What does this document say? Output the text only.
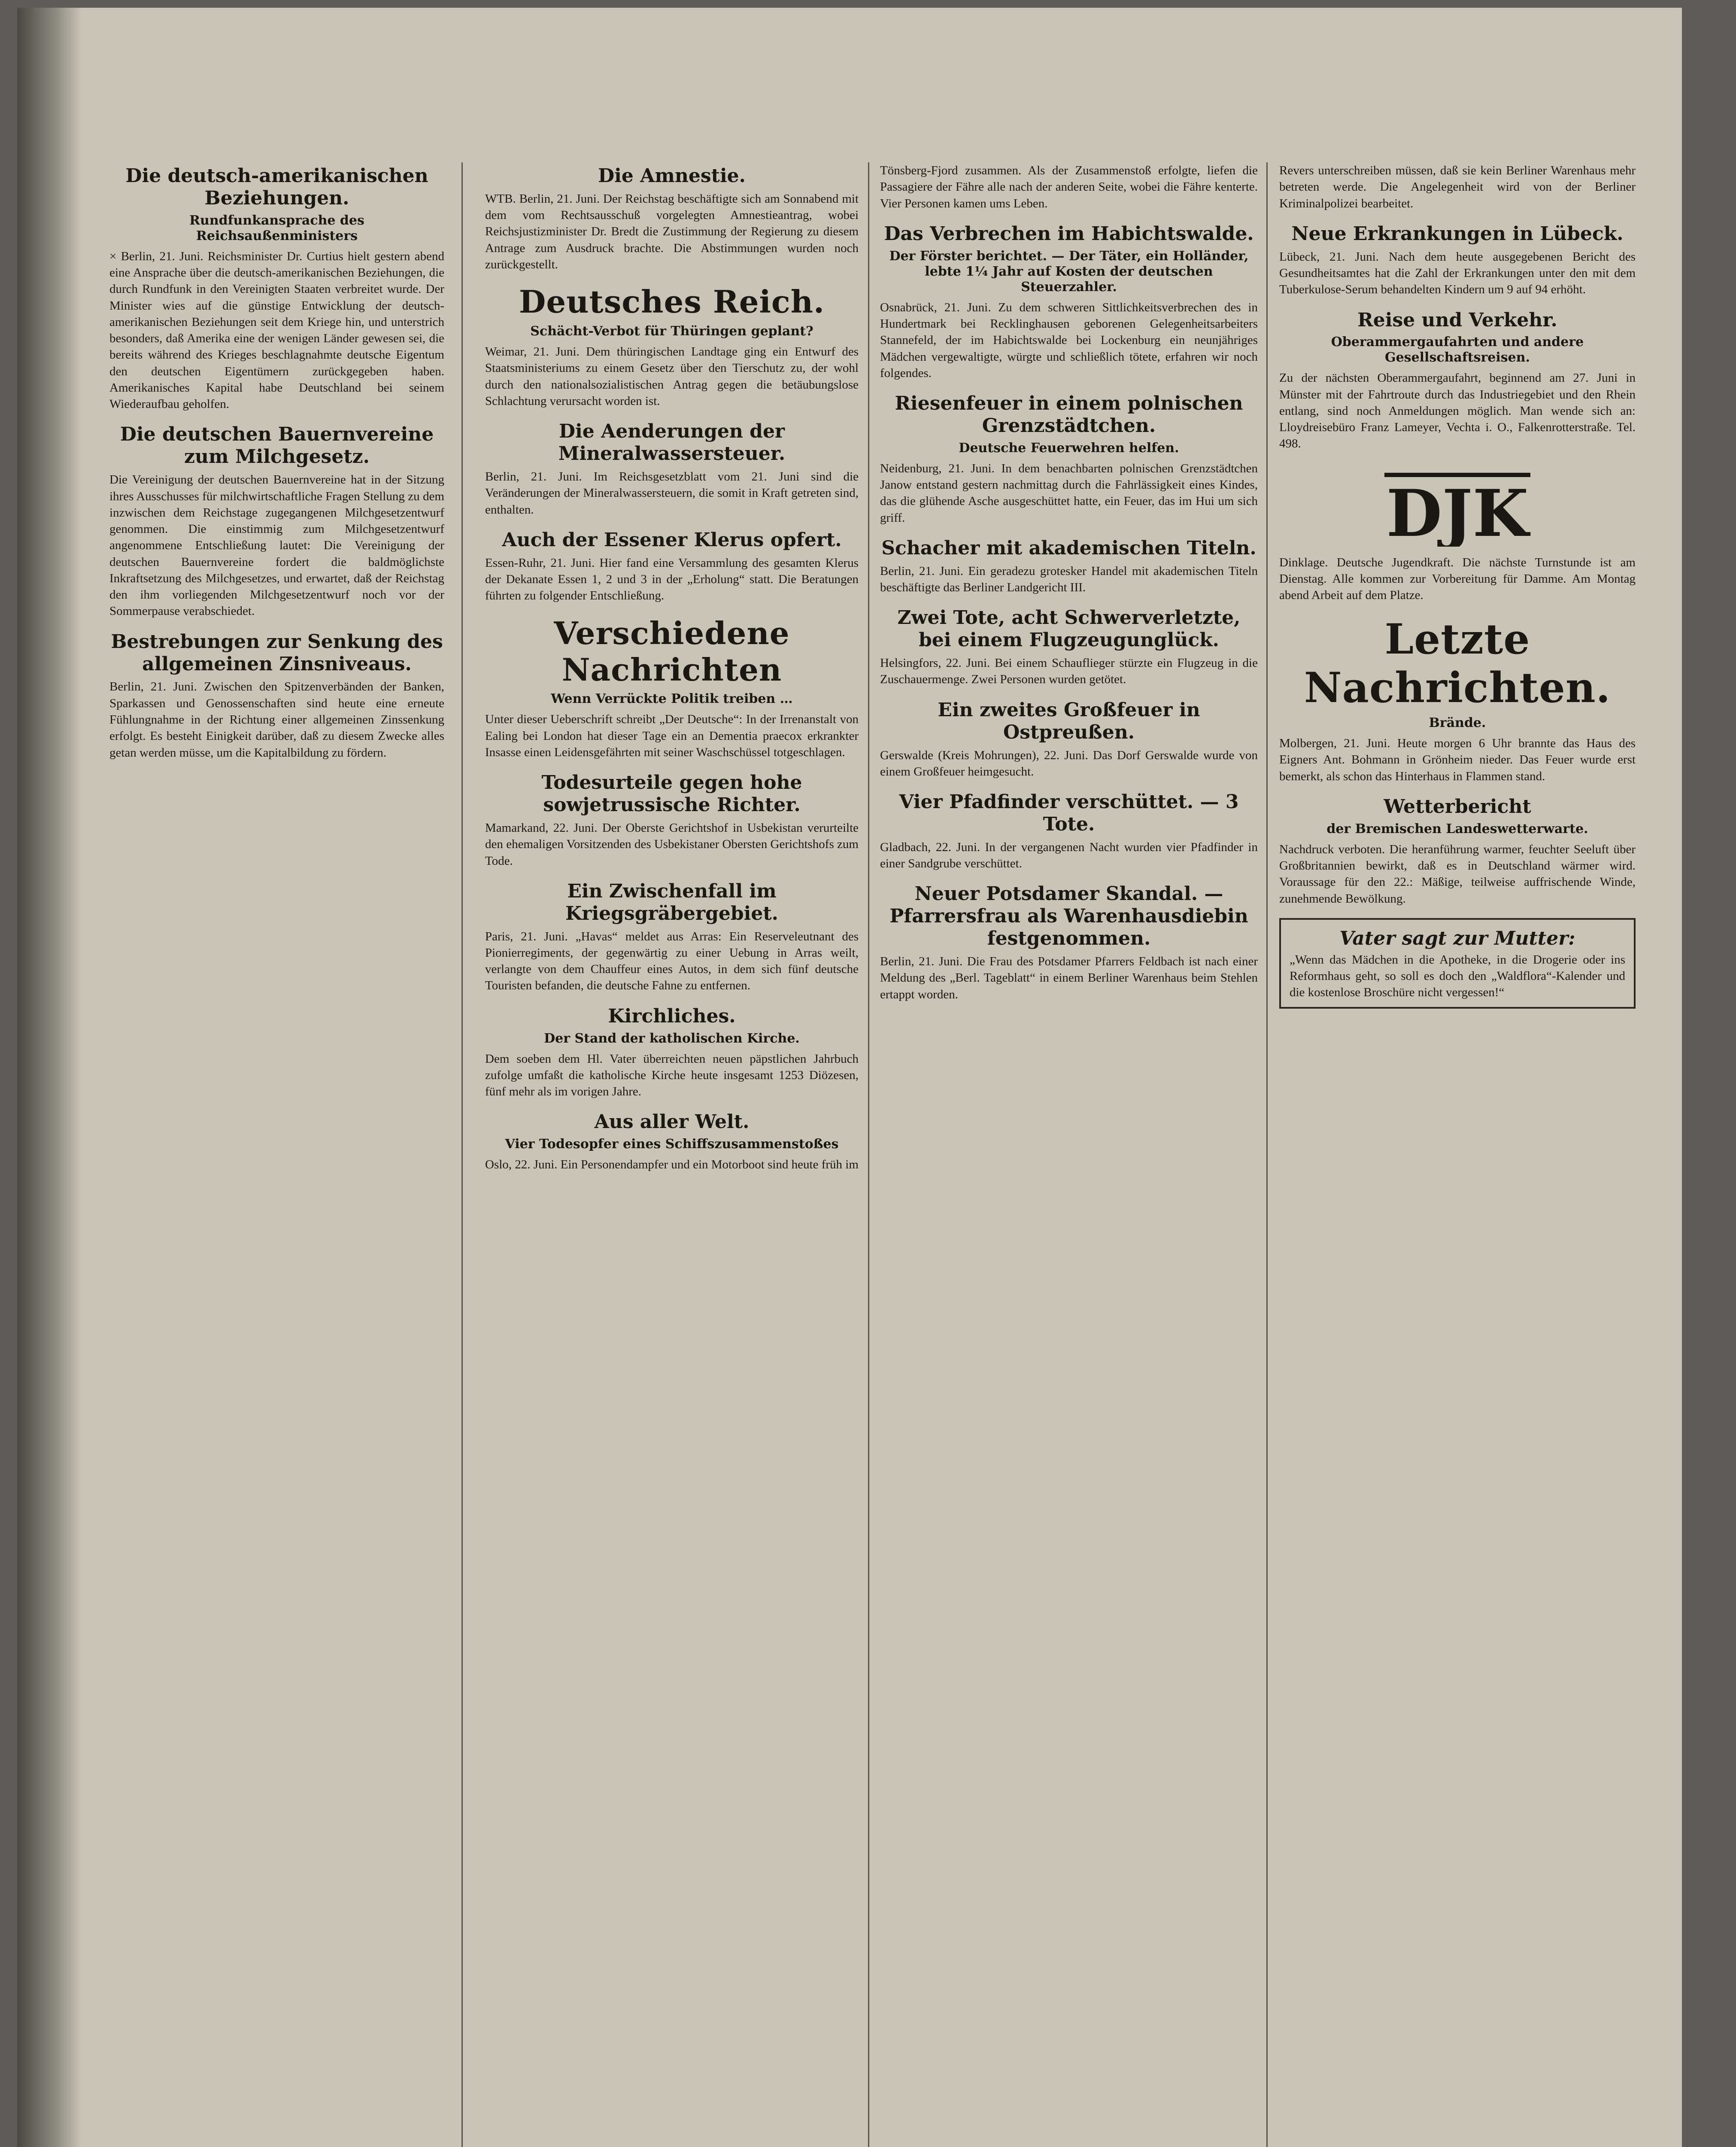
Die deutsch-amerikanischen Beziehungen.
Rundfunkansprache des Reichsaußenministers

× Berlin, 21. Juni. Reichsminister Dr. Curtius hielt gestern abend eine Ansprache über die deutsch-amerikanischen Beziehungen, die durch Rundfunk in den Vereinigten Staaten verbreitet wurde. Der Minister wies auf die günstige Entwicklung der deutsch-amerikanischen Beziehungen seit dem Kriege hin, und unterstrich besonders, daß Amerika eine der wenigen Länder gewesen sei, die bereits während des Krieges beschlagnahmte deutsche Eigentum den deutschen Eigentümern zurückgegeben haben. Amerikanisches Kapital habe Deutschland bei seinem Wiederaufbau geholfen.

Die deutschen Bauernvereine zum Milchgesetz.

Die Vereinigung der deutschen Bauernvereine hat in der Sitzung ihres Ausschusses für milchwirtschaftliche Fragen Stellung zu dem inzwischen dem Reichstage zugegangenen Milchgesetzentwurf genommen. Die einstimmig zum Milchgesetzentwurf angenommene Entschließung lautet: Die Vereinigung der deutschen Bauernvereine fordert die baldmöglichste Inkraftsetzung des Milchgesetzes, und erwartet, daß der Reichstag den ihm vorliegenden Milchgesetzentwurf noch vor der Sommerpause verabschiedet.

Bestrebungen zur Senkung des allgemeinen Zinsniveaus.

Berlin, 21. Juni. Zwischen den Spitzenverbänden der Banken, Sparkassen und Genossenschaften sind heute eine erneute Fühlungnahme in der Richtung einer allgemeinen Zinssenkung erfolgt. Es besteht Einigkeit darüber, daß zu diesem Zwecke alles getan werden müsse, um die Kapitalbildung zu fördern.

Die Amnestie.

WTB. Berlin, 21. Juni. Der Reichstag beschäftigte sich am Sonnabend mit dem vom Rechtsausschuß vorgelegten Amnestieantrag, wobei Reichsjustizminister Dr. Bredt die Zustimmung der Regierung zu diesem Antrage zum Ausdruck brachte. Die Abstimmungen wurden noch zurückgestellt.

Deutsches Reich.
Schächt-Verbot für Thüringen geplant?

Weimar, 21. Juni. Dem thüringischen Landtage ging ein Entwurf des Staatsministeriums zu einem Gesetz über den Tierschutz zu, der wohl durch den nationalsozialistischen Antrag gegen die betäubungslose Schlachtung verursacht worden ist.

Die Aenderungen der Mineralwassersteuer.

Berlin, 21. Juni. Im Reichsgesetzblatt vom 21. Juni sind die Veränderungen der Mineralwassersteuern, die somit in Kraft getreten sind, enthalten.

Auch der Essener Klerus opfert.

Essen-Ruhr, 21. Juni. Hier fand eine Versammlung des gesamten Klerus der Dekanate Essen 1, 2 und 3 in der „Erholung“ statt. Die Beratungen führten zu folgender Entschließung.

Verschiedene Nachrichten
Wenn Verrückte Politik treiben …

Unter dieser Ueberschrift schreibt „Der Deutsche“: In der Irrenanstalt von Ealing bei London hat dieser Tage ein an Dementia praecox erkrankter Insasse einen Leidensgefährten mit seiner Waschschüssel totgeschlagen.

Todesurteile gegen hohe sowjetrussische Richter.

Mamarkand, 22. Juni. Der Oberste Gerichtshof in Usbekistan verurteilte den ehemaligen Vorsitzenden des Usbekistaner Obersten Gerichtshofs zum Tode.

Ein Zwischenfall im Kriegsgräbergebiet.

Paris, 21. Juni. „Havas“ meldet aus Arras: Ein Reserveleutnant des Pionierregiments, der gegenwärtig zu einer Uebung in Arras weilt, verlangte von dem Chauffeur eines Autos, in dem sich fünf deutsche Touristen befanden, die deutsche Fahne zu entfernen.

Kirchliches.
Der Stand der katholischen Kirche.

Dem soeben dem Hl. Vater überreichten neuen päpstlichen Jahrbuch zufolge umfaßt die katholische Kirche heute insgesamt 1253 Diözesen, fünf mehr als im vorigen Jahre.

Aus aller Welt.
Vier Todesopfer eines Schiffszusammenstoßes

Oslo, 22. Juni. Ein Personendampfer und ein Motorboot sind heute früh im

Tönsberg-Fjord zusammen. Als der Zusammenstoß erfolgte, liefen die Passagiere der Fähre alle nach der anderen Seite, wobei die Fähre kenterte. Vier Personen kamen ums Leben.

Das Verbrechen im Habichtswalde.
Der Förster berichtet. — Der Täter, ein Holländer, lebte 1¼ Jahr auf Kosten der deutschen Steuerzahler.

Osnabrück, 21. Juni. Zu dem schweren Sittlichkeitsverbrechen des in Hundertmark bei Recklinghausen geborenen Gelegenheitsarbeiters Stannefeld, der im Habichtswalde bei Lockenburg ein neunjähriges Mädchen vergewaltigte, würgte und schließlich tötete, erfahren wir noch folgendes.

Riesenfeuer in einem polnischen Grenzstädtchen.
Deutsche Feuerwehren helfen.

Neidenburg, 21. Juni. In dem benachbarten polnischen Grenzstädtchen Janow entstand gestern nachmittag durch die Fahrlässigkeit eines Kindes, das die glühende Asche ausgeschüttet hatte, ein Feuer, das im Hui um sich griff.

Schacher mit akademischen Titeln.

Berlin, 21. Juni. Ein geradezu grotesker Handel mit akademischen Titeln beschäftigte das Berliner Landgericht III.

Zwei Tote, acht Schwerverletzte, bei einem Flugzeugunglück.

Helsingfors, 22. Juni. Bei einem Schauflieger stürzte ein Flugzeug in die Zuschauermenge. Zwei Personen wurden getötet.

Ein zweites Großfeuer in Ostpreußen.

Gerswalde (Kreis Mohrungen), 22. Juni. Das Dorf Gerswalde wurde von einem Großfeuer heimgesucht.

Vier Pfadfinder verschüttet. — 3 Tote.

Gladbach, 22. Juni. In der vergangenen Nacht wurden vier Pfadfinder in einer Sandgrube verschüttet.

Neuer Potsdamer Skandal. — Pfarrersfrau als Warenhausdiebin festgenommen.

Berlin, 21. Juni. Die Frau des Potsdamer Pfarrers Feldbach ist nach einer Meldung des „Berl. Tageblatt“ in einem Berliner Warenhaus beim Stehlen ertappt worden.

Revers unterschreiben müssen, daß sie kein Berliner Warenhaus mehr betreten werde. Die Angelegenheit wird von der Berliner Kriminalpolizei bearbeitet.

Neue Erkrankungen in Lübeck.

Lübeck, 21. Juni. Nach dem heute ausgegebenen Bericht des Gesundheitsamtes hat die Zahl der Erkrankungen unter den mit dem Tuberkulose-Serum behandelten Kindern um 9 auf 94 erhöht.

Reise und Verkehr.
Oberammergaufahrten und andere Gesellschaftsreisen.

Zu der nächsten Oberammergaufahrt, beginnend am 27. Juni in Münster mit der Fahrtroute durch das Industriegebiet und den Rhein entlang, sind noch Anmeldungen möglich. Man wende sich an: Lloydreisebüro Franz Lameyer, Vechta i. O., Falkenrotterstraße. Tel. 498.

DJK

Dinklage. Deutsche Jugendkraft. Die nächste Turnstunde ist am Dienstag. Alle kommen zur Vorbereitung für Damme. Am Montag abend Arbeit auf dem Platze.

Letzte Nachrichten.
Brände.

Molbergen, 21. Juni. Heute morgen 6 Uhr brannte das Haus des Eigners Ant. Bohmann in Grönheim nieder. Das Feuer wurde erst bemerkt, als schon das Hinterhaus in Flammen stand.

Wetterbericht
der Bremischen Landeswetterwarte.

Nachdruck verboten. Die heranführung warmer, feuchter Seeluft über Großbritannien bewirkt, daß es in Deutschland wärmer wird. Voraussage für den 22.: Mäßige, teilweise auffrischende Winde, zunehmende Bewölkung.

Vater sagt zur Mutter:

„Wenn das Mädchen in die Apotheke, in die Drogerie oder ins Reformhaus geht, so soll es doch den „Waldflora“-Kalender und die kostenlose Broschüre nicht vergessen!“
